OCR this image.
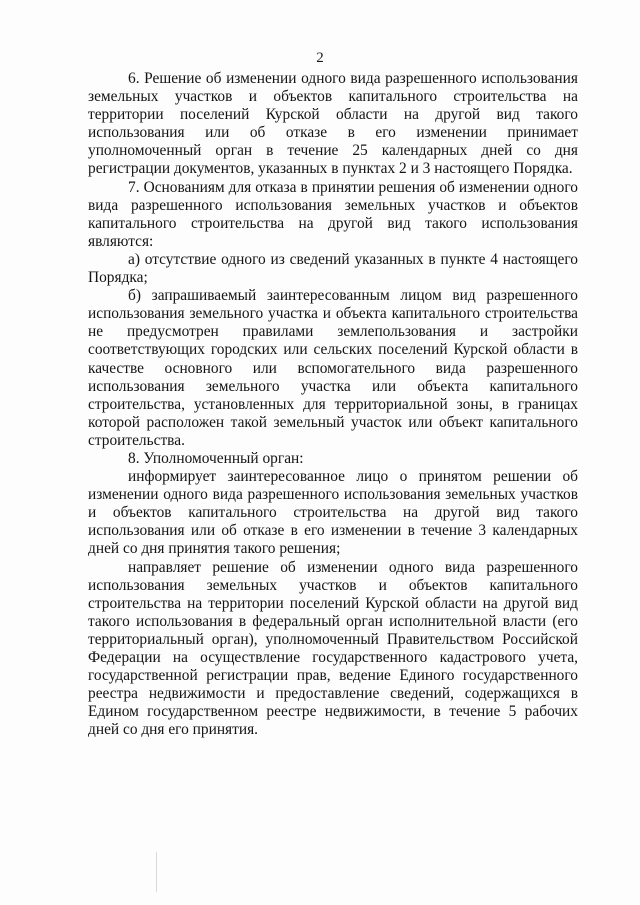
2

6. Решение об изменении одного вида разрешенного использования земельных участков и объектов капитального строительства на территории поселений Курской области на другой вид такого использования или об отказе в его изменении принимает уполномоченный орган в течение 25 календарных дней со дня регистрации документов, указанных в пунктах 2 и 3 настоящего Порядка.

7. Основаниям для отказа в принятии решения об изменении одного вида разрешенного использования земельных участков и объектов капитального строительства на другой вид такого использования являются:

а) отсутствие одного из сведений указанных в пункте 4 настоящего Порядка;

б) запрашиваемый заинтересованным лицом вид разрешенного использования земельного участка и объекта капитального строительства не предусмотрен правилами землепользования и застройки соответствующих городских или сельских поселений Курской области в качестве основного или вспомогательного вида разрешенного использования земельного участка или объекта капитального строительства, установленных для территориальной зоны, в границах которой расположен такой земельный участок или объект капитального строительства.

8. Уполномоченный орган:

информирует заинтересованное лицо о принятом решении об изменении одного вида разрешенного использования земельных участков и объектов капитального строительства на другой вид такого использования или об отказе в его изменении в течение 3 календарных дней со дня принятия такого решения;

направляет решение об изменении одного вида разрешенного использования земельных участков и объектов капитального строительства на территории поселений Курской области на другой вид такого использования в федеральный орган исполнительной власти (его территориальный орган), уполномоченный Правительством Российской Федерации на осуществление государственного кадастрового учета, государственной регистрации прав, ведение Единого государственного реестра недвижимости и предоставление сведений, содержащихся в Едином государственном реестре недвижимости, в течение 5 рабочих дней со дня его принятия.
